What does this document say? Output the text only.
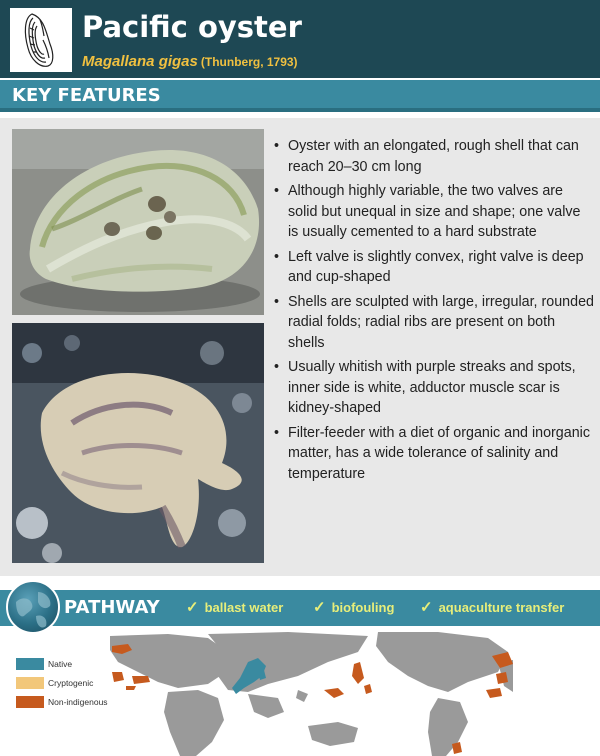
Pacific oyster
Magallana gigas (Thunberg, 1793)
KEY FEATURES
• Oyster with an elongated, rough shell that can reach 20–30 cm long
• Although highly variable, the two valves are solid but unequal in size and shape; one valve is usually cemented to a hard substrate
• Left valve is slightly convex, right valve is deep and cup-shaped
• Shells are sculpted with large, irregular, rounded radial folds; radial ribs are present on both shells
• Usually whitish with purple streaks and spots, inner side is white, adductor muscle scar is kidney-shaped
• Filter-feeder with a diet of organic and inorganic matter, has a wide tolerance of salinity and temperature
PATHWAY ✓ ballast water ✓ biofouling ✓ aquaculture transfer
Native
Cryptogenic
Non-indigenous
